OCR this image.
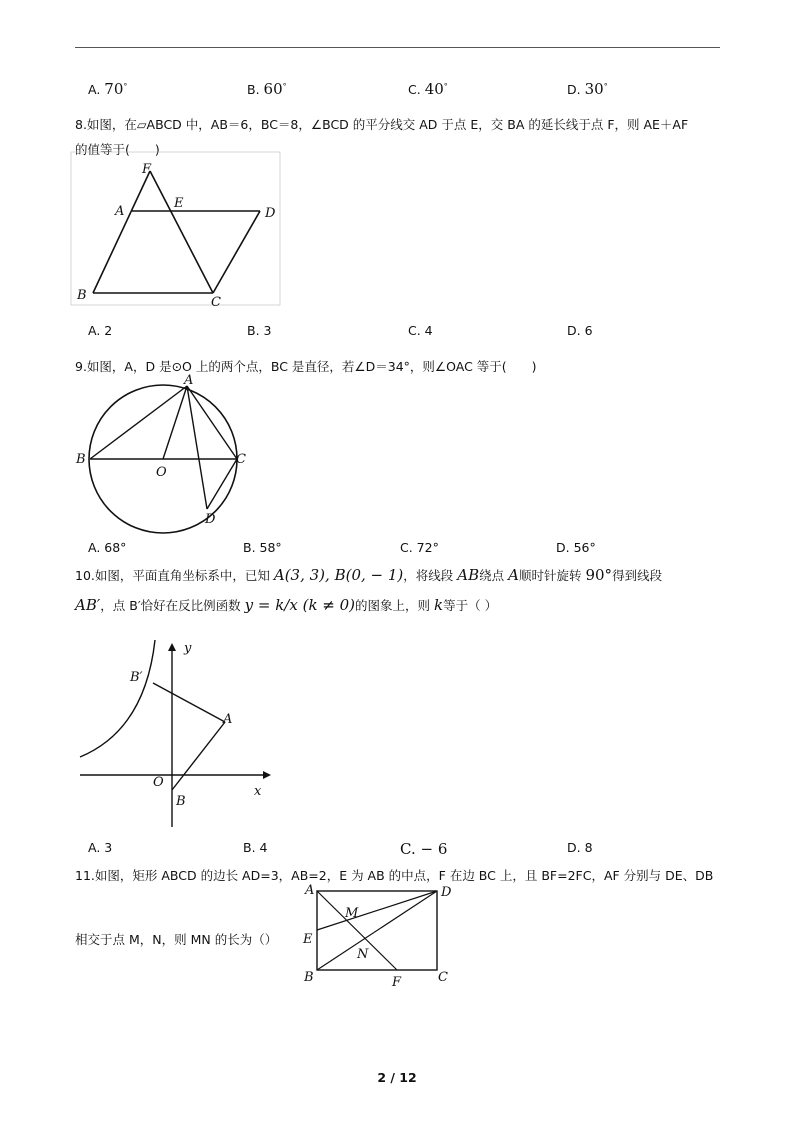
A. 70°	B. 60°	C. 40°	D. 30°
8.如图，在▱ABCD 中，AB＝6，BC＝8，∠BCD 的平分线交 AD 于点 E，交 BA 的延长线于点 F，则 AE＋AF
的值等于(　　)
F
A
E
D
B	C
A. 2	B. 3	C. 4	D. 6
9.如图，A，D 是⊙O 上的两个点，BC 是直径，若∠D＝34°，则∠OAC 等于(　　)
A
B
O
C
D
A. 68°	B. 58°	C. 72°	D. 56°
10.如图，平面直角坐标系中，已知 A(3, 3), B(0, − 1)，将线段 AB绕点 A顺时针旋转 90°得到线段
AB′，点 B′恰好在反比例函数 y = k/x (k ≠ 0)的图象上，则 k等于（ ）
y
B′
A
O
B
x
A. 3	B. 4	C. − 6	D. 8
11.如图，矩形 ABCD 的边长 AD=3，AB=2，E 为 AB 的中点，F 在边 BC 上，且 BF=2FC，AF 分别与 DE、DB
相交于点 M，N，则 MN 的长为（）
A	D
M
E
N
B	F	C
2 / 12
